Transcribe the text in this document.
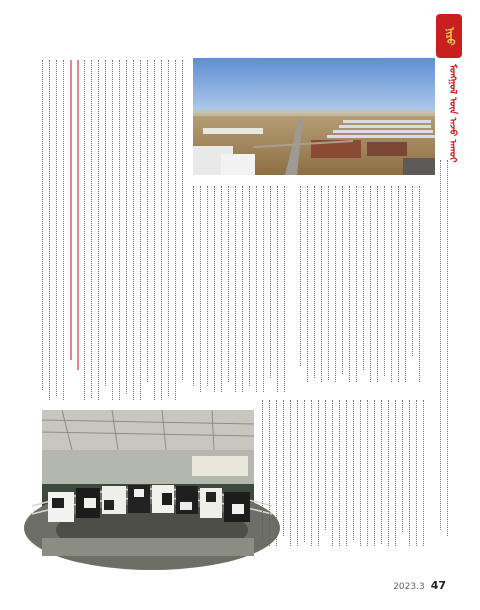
ᠨᠢᠷᠤ
ᠮᠣᠩᠭᠣᠯ ᠦᠨ ᠠᠵᠤ ᠠᠬᠤᠢ
2023.3 47
